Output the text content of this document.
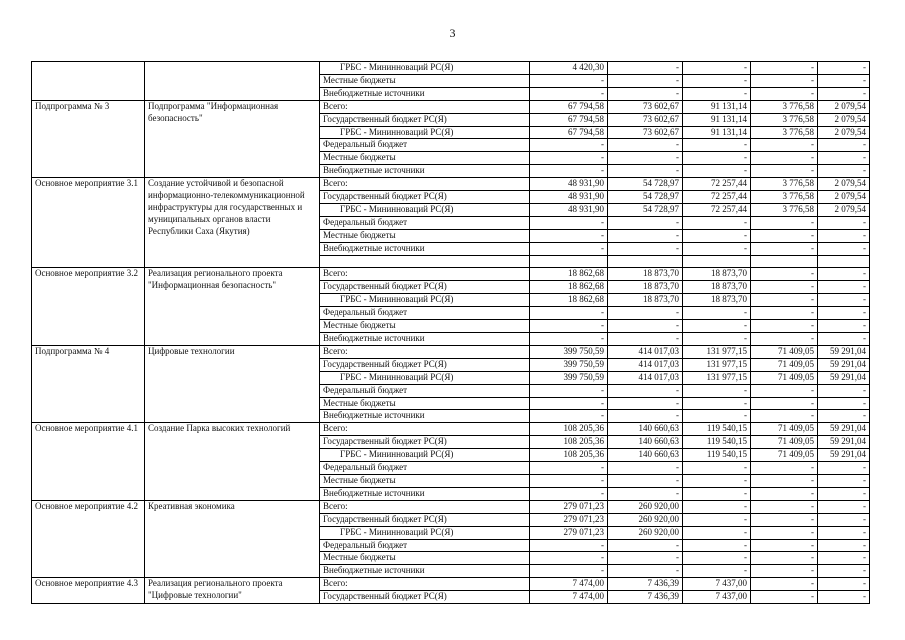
3
		ГРБС - Мининноваций РС(Я)	4 420,30	-	-	-	-
		Местные бюджеты	-	-	-	-	-
		Внебюджетные источники	-	-	-	-	-
Подпрограмма № 3	Подпрограмма "Информационная безопасность"	Всего:	67 794,58	73 602,67	91 131,14	3 776,58	2 079,54
		Государственный бюджет РС(Я)	67 794,58	73 602,67	91 131,14	3 776,58	2 079,54
		ГРБС - Мининноваций РС(Я)	67 794,58	73 602,67	91 131,14	3 776,58	2 079,54
		Федеральный бюджет	-	-	-	-	-
		Местные бюджеты	-	-	-	-	-
		Внебюджетные источники	-	-	-	-	-
Основное мероприятие 3.1	Создание устойчивой и безопасной информационно-телекоммуникационной инфраструктуры для государственных и муниципальных органов власти Республики Саха (Якутия)	Всего:	48 931,90	54 728,97	72 257,44	3 776,58	2 079,54
		Государственный бюджет РС(Я)	48 931,90	54 728,97	72 257,44	3 776,58	2 079,54
		ГРБС - Мининноваций РС(Я)	48 931,90	54 728,97	72 257,44	3 776,58	2 079,54
		Федеральный бюджет	-	-	-	-	-
		Местные бюджеты	-	-	-	-	-
		Внебюджетные источники	-	-	-	-	-

Основное мероприятие 3.2	Реализация регионального проекта "Информационная безопасность"	Всего:	18 862,68	18 873,70	18 873,70	-	-
		Государственный бюджет РС(Я)	18 862,68	18 873,70	18 873,70	-	-
		ГРБС - Мининноваций РС(Я)	18 862,68	18 873,70	18 873,70	-	-
		Федеральный бюджет	-	-	-	-	-
		Местные бюджеты	-	-	-	-	-
		Внебюджетные источники	-	-	-	-	-
Подпрограмма № 4	Цифровые технологии	Всего:	399 750,59	414 017,03	131 977,15	71 409,05	59 291,04
		Государственный бюджет РС(Я)	399 750,59	414 017,03	131 977,15	71 409,05	59 291,04
		ГРБС - Мининноваций РС(Я)	399 750,59	414 017,03	131 977,15	71 409,05	59 291,04
		Федеральный бюджет	-	-	-	-	-
		Местные бюджеты	-	-	-	-	-
		Внебюджетные источники	-	-	-	-	-
Основное мероприятие 4.1	Создание Парка высоких технологий	Всего:	108 205,36	140 660,63	119 540,15	71 409,05	59 291,04
		Государственный бюджет РС(Я)	108 205,36	140 660,63	119 540,15	71 409,05	59 291,04
		ГРБС - Мининноваций РС(Я)	108 205,36	140 660,63	119 540,15	71 409,05	59 291,04
		Федеральный бюджет	-	-	-	-	-
		Местные бюджеты	-	-	-	-	-
		Внебюджетные источники	-	-	-	-	-
Основное мероприятие 4.2	Креативная экономика	Всего:	279 071,23	260 920,00	-	-	-
		Государственный бюджет РС(Я)	279 071,23	260 920,00	-	-	-
		ГРБС - Мининноваций РС(Я)	279 071,23	260 920,00	-	-	-
		Федеральный бюджет	-	-	-	-	-
		Местные бюджеты	-	-	-	-	-
		Внебюджетные источники	-	-	-	-	-
Основное мероприятие 4.3	Реализация регионального проекта "Цифровые технологии"	Всего:	7 474,00	7 436,39	7 437,00	-	-
		Государственный бюджет РС(Я)	7 474,00	7 436,39	7 437,00	-	-
